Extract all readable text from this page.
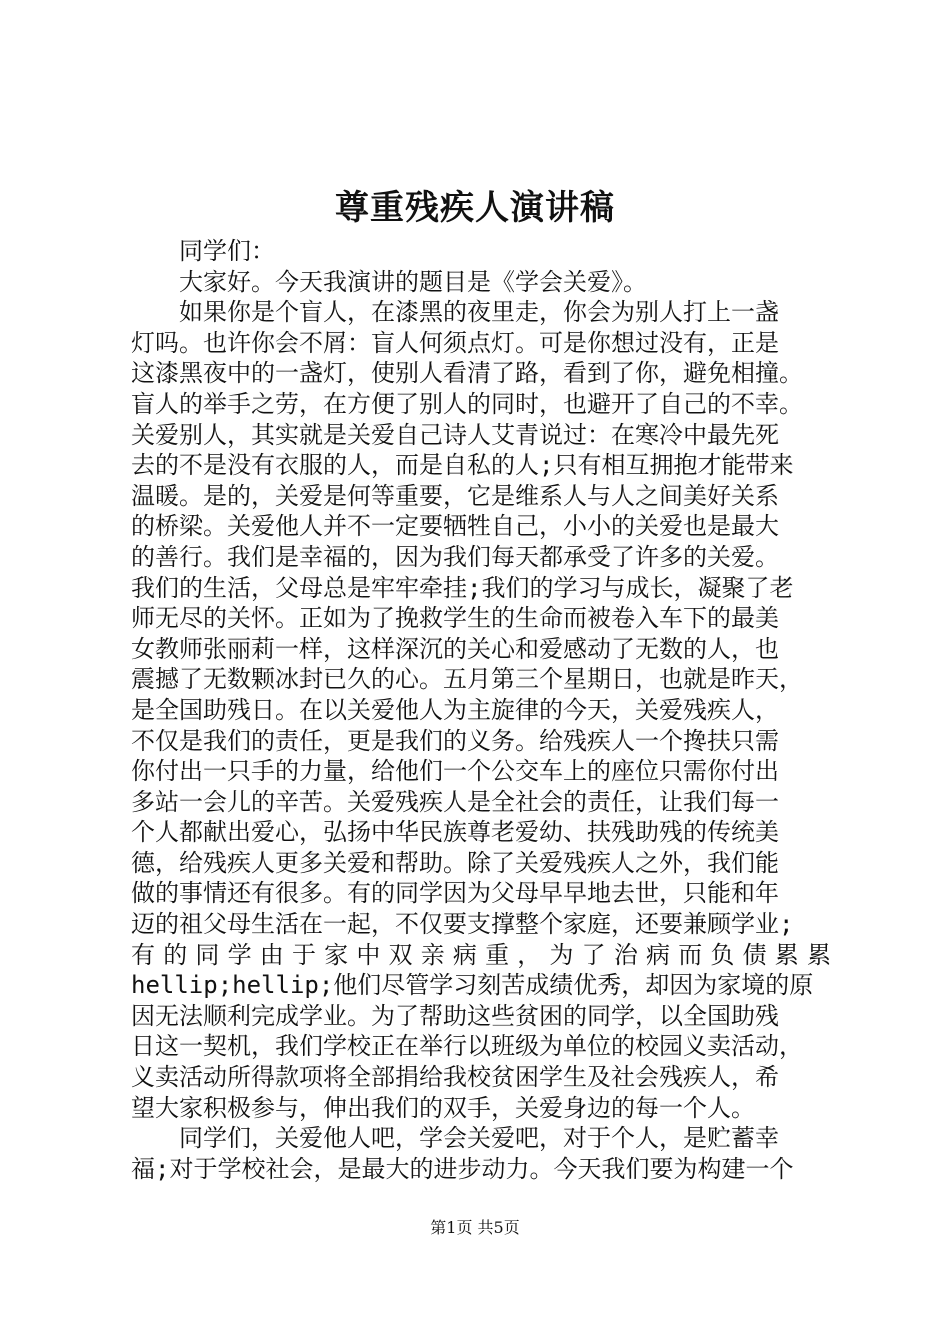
尊重残疾人演讲稿
同学们：
大家好。今天我演讲的题目是《学会关爱》。
如果你是个盲人，在漆黑的夜里走，你会为别人打上一盏
灯吗。也许你会不屑：盲人何须点灯。可是你想过没有，正是
这漆黑夜中的一盏灯，使别人看清了路，看到了你，避免相撞。
盲人的举手之劳，在方便了别人的同时，也避开了自己的不幸。
关爱别人，其实就是关爱自己诗人艾青说过：在寒冷中最先死
去的不是没有衣服的人，而是自私的人;只有相互拥抱才能带来
温暖。是的，关爱是何等重要，它是维系人与人之间美好关系
的桥梁。关爱他人并不一定要牺牲自己，小小的关爱也是最大
的善行。我们是幸福的，因为我们每天都承受了许多的关爱。
我们的生活，父母总是牢牢牵挂;我们的学习与成长，凝聚了老
师无尽的关怀。正如为了挽救学生的生命而被卷入车下的最美
女教师张丽莉一样，这样深沉的关心和爱感动了无数的人，也
震撼了无数颗冰封已久的心。五月第三个星期日，也就是昨天，
是全国助残日。在以关爱他人为主旋律的今天，关爱残疾人，
不仅是我们的责任，更是我们的义务。给残疾人一个搀扶只需
你付出一只手的力量，给他们一个公交车上的座位只需你付出
多站一会儿的辛苦。关爱残疾人是全社会的责任，让我们每一
个人都献出爱心，弘扬中华民族尊老爱幼、扶残助残的传统美
德，给残疾人更多关爱和帮助。除了关爱残疾人之外，我们能
做的事情还有很多。有的同学因为父母早早地去世，只能和年
迈的祖父母生活在一起，不仅要支撑整个家庭，还要兼顾学业;
有 的 同 学 由 于 家 中 双 亲 病 重 ， 为 了 治 病 而 负 债 累 累
hellip;hellip;他们尽管学习刻苦成绩优秀，却因为家境的原
因无法顺利完成学业。为了帮助这些贫困的同学，以全国助残
日这一契机，我们学校正在举行以班级为单位的校园义卖活动，
义卖活动所得款项将全部捐给我校贫困学生及社会残疾人，希
望大家积极参与，伸出我们的双手，关爱身边的每一个人。
同学们，关爱他人吧，学会关爱吧，对于个人，是贮蓄幸
福;对于学校社会，是最大的进步动力。今天我们要为构建一个
第1页 共5页
